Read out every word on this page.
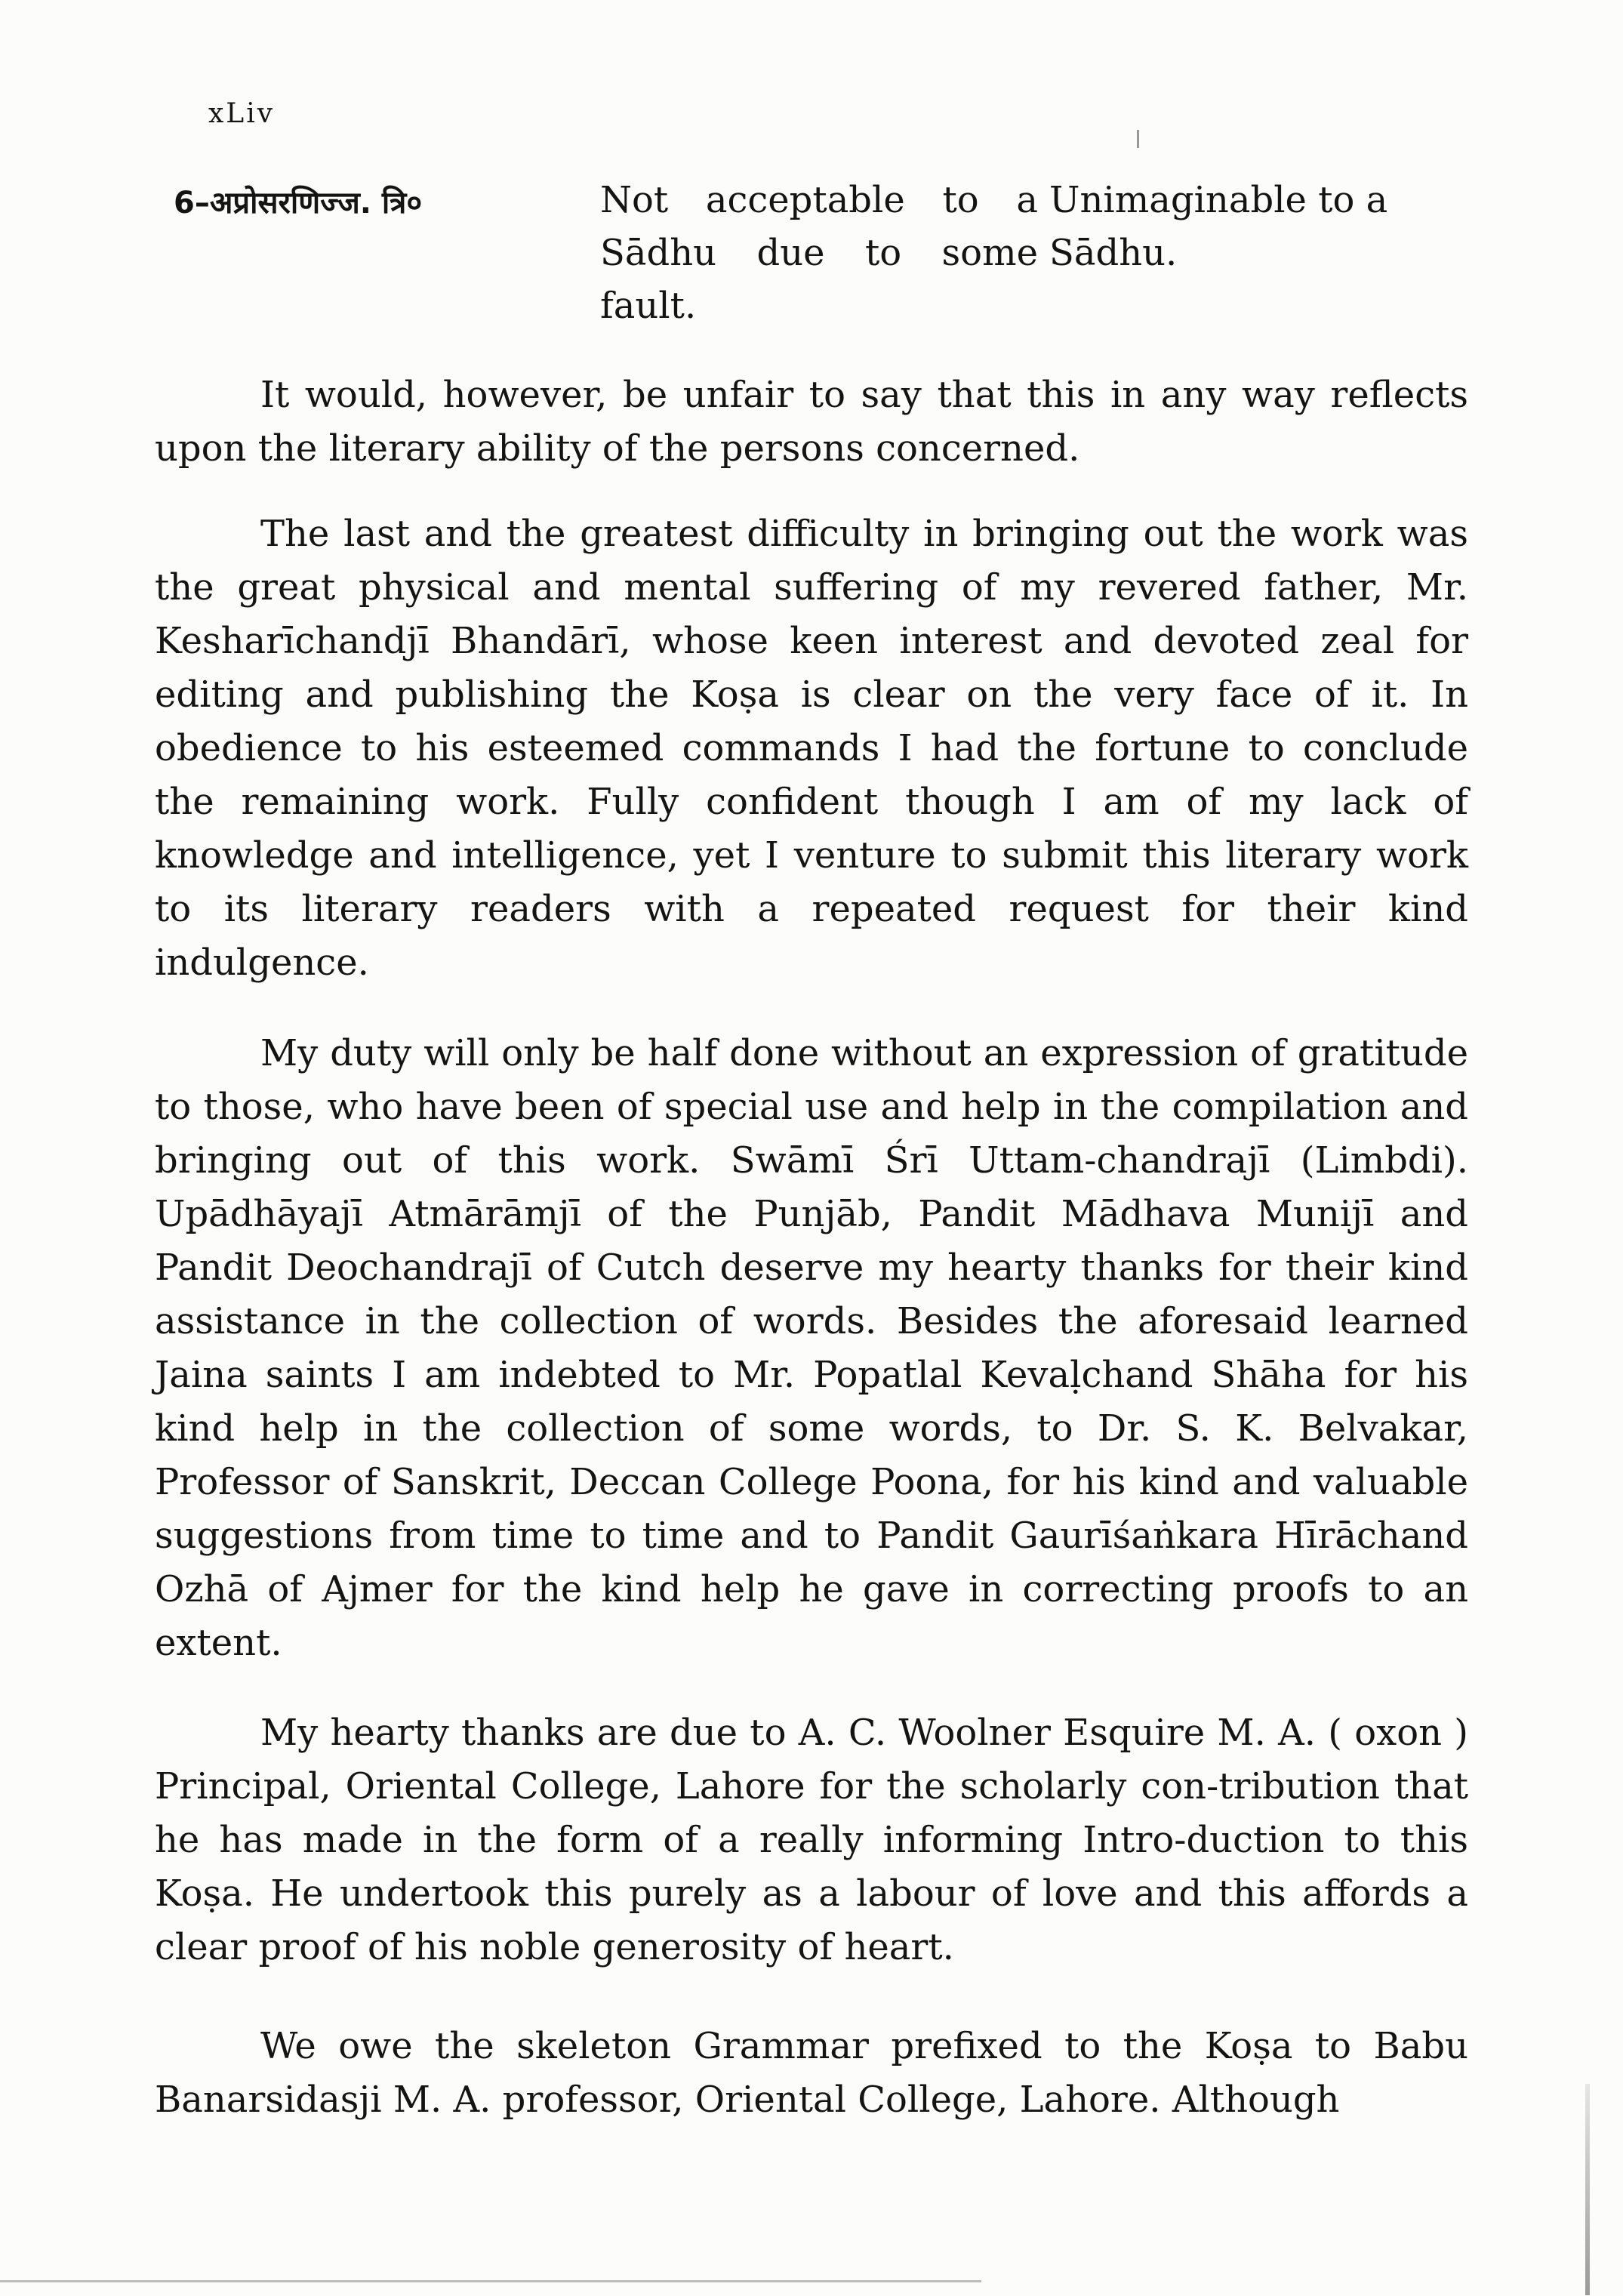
xLiv
6–अप्रोसरणिज्ज. त्रि०	Not acceptable to a Sādhu due to some fault.
Unimaginable to a Sādhu.

It would, however, be unfair to say that this in any way reflects upon the literary ability of the persons concerned.

The last and the greatest difficulty in bringing out the work was the great physical and mental suffering of my revered father, Mr. Kesharīchandjī Bhandārī, whose keen interest and devoted zeal for editing and publishing the Koṣa is clear on the very face of it. In obedience to his esteemed commands I had the fortune to conclude the remaining work. Fully confident though I am of my lack of knowledge and intelligence, yet I venture to submit this literary work to its literary readers with a repeated request for their kind indulgence.

My duty will only be half done without an expression of gratitude to those, who have been of special use and help in the compilation and bringing out of this work. Swāmī Śrī Uttam-chandrajī (Limbdi). Upādhāyajī Atmārāmjī of the Punjāb, Pandit Mādhava Munijī and Pandit Deochandrajī of Cutch deserve my hearty thanks for their kind assistance in the collection of words. Besides the aforesaid learned Jaina saints I am indebted to Mr. Popatlal Kevaḷchand Shāha for his kind help in the collection of some words, to Dr. S. K. Belvakar, Professor of Sanskrit, Deccan College Poona, for his kind and valuable suggestions from time to time and to Pandit Gaurīśaṅkara Hīrāchand Ozhā of Ajmer for the kind help he gave in correcting proofs to an extent.

My hearty thanks are due to A. C. Woolner Esquire M. A. ( oxon ) Principal, Oriental College, Lahore for the scholarly con-tribution that he has made in the form of a really informing Intro-duction to this Koṣa. He undertook this purely as a labour of love and this affords a clear proof of his noble generosity of heart.

We owe the skeleton Grammar prefixed to the Koṣa to Babu Banarsidasji M. A. professor, Oriental College, Lahore. Although
